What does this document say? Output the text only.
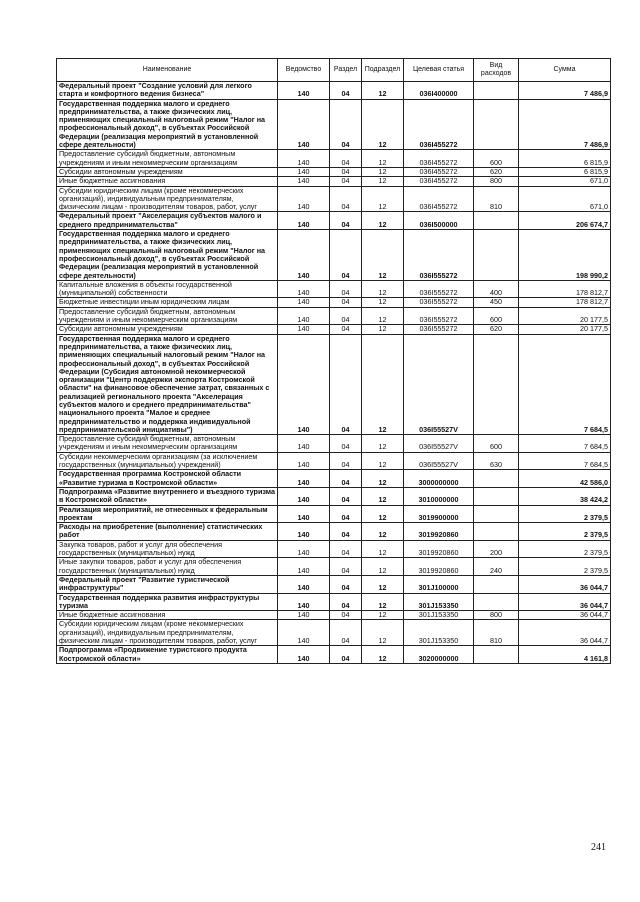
Наименование	Ведомство	Раздел	Подраздел	Целевая статья	Вид расходов	Сумма
Федеральный проект "Создание условий для легкого старта и комфортного ведения бизнеса"	140	04	12	036I400000		7 486,9
Государственная поддержка малого и среднего предпринимательства, а также физических лиц, применяющих специальный налоговый режим "Налог на профессиональный доход", в субъектах Российской Федерации (реализация мероприятий в установленной сфере деятельности)	140	04	12	036I455272		7 486,9
Предоставление субсидий бюджетным, автономным учреждениям и иным некоммерческим организациям	140	04	12	036I455272	600	6 815,9
Субсидии автономным учреждениям	140	04	12	036I455272	620	6 815,9
Иные бюджетные ассигнования	140	04	12	036I455272	800	671,0
Субсидии юридическим лицам (кроме некоммерческих организаций), индивидуальным предпринимателям, физическим лицам - производителям товаров, работ, услуг	140	04	12	036I455272	810	671,0
Федеральный проект "Акселерация субъектов малого и среднего предпринимательства"	140	04	12	036I500000		206 674,7
Государственная поддержка малого и среднего предпринимательства, а также физических лиц, применяющих специальный налоговый режим "Налог на профессиональный доход", в субъектах Российской Федерации (реализация мероприятий в установленной сфере деятельности)	140	04	12	036I555272		198 990,2
Капитальные вложения в объекты государственной (муниципальной) собственности	140	04	12	036I555272	400	178 812,7
Бюджетные инвестиции иным юридическим лицам	140	04	12	036I555272	450	178 812,7
Предоставление субсидий бюджетным, автономным учреждениям и иным некоммерческим организациям	140	04	12	036I555272	600	20 177,5
Субсидии автономным учреждениям	140	04	12	036I555272	620	20 177,5
Государственная поддержка малого и среднего предпринимательства, а также физических лиц, применяющих специальный налоговый режим "Налог на профессиональный доход", в субъектах Российской Федерации (Субсидия автономной некоммерческой организации "Центр поддержки экспорта Костромской области" на финансовое обеспечение затрат, связанных с реализацией регионального проекта "Акселерация субъектов малого и среднего предпринимательства" национального проекта "Малое и среднее предпринимательство и поддержка индивидуальной предпринимательской инициативы")	140	04	12	036I55527V		7 684,5
Предоставление субсидий бюджетным, автономным учреждениям и иным некоммерческим организациям	140	04	12	036I55527V	600	7 684,5
Субсидии некоммерческим организациям (за исключением государственных (муниципальных) учреждений)	140	04	12	036I55527V	630	7 684,5
Государственная программа Костромской области «Развитие туризма в Костромской области»	140	04	12	3000000000		42 586,0
Подпрограмма «Развитие внутреннего и въездного туризма в Костромской области»	140	04	12	3010000000		38 424,2
Реализация мероприятий, не отнесенных к федеральным проектам	140	04	12	3019900000		2 379,5
Расходы на приобретение (выполнение) статистических работ	140	04	12	3019920860		2 379,5
Закупка товаров, работ и услуг для обеспечения государственных (муниципальных) нужд	140	04	12	3019920860	200	2 379,5
Иные закупки товаров, работ и услуг для обеспечения государственных (муниципальных) нужд	140	04	12	3019920860	240	2 379,5
Федеральный проект "Развитие туристической инфраструктуры"	140	04	12	301J100000		36 044,7
Государственная поддержка развития инфраструктуры туризма	140	04	12	301J153350		36 044,7
Иные бюджетные ассигнования	140	04	12	301J153350	800	36 044,7
Субсидии юридическим лицам (кроме некоммерческих организаций), индивидуальным предпринимателям, физическим лицам - производителям товаров, работ, услуг	140	04	12	301J153350	810	36 044,7
Подпрограмма «Продвижение туристского продукта Костромской области»	140	04	12	3020000000		4 161,8
241
